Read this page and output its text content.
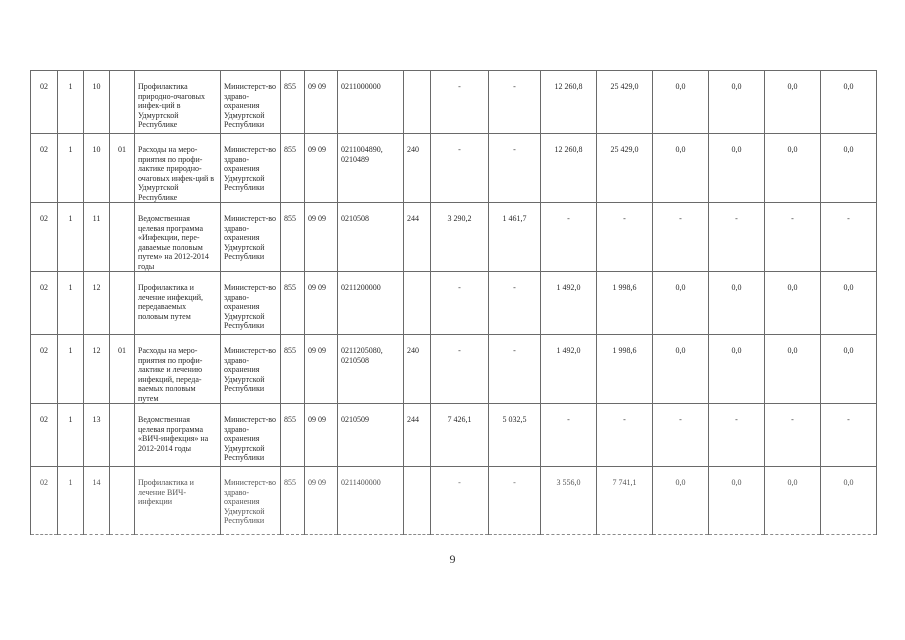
02	1	10		Профилактика природно-очаговых инфек-ций в Удмуртской Республике	Министерст-во здраво-охранения Удмуртской Республики	855	09 09	0211000000		-	-	12 260,8	25 429,0	0,0	0,0	0,0	0,0
02	1	10	01	Расходы на меро-приятия по профи-лактике природно-очаговых инфек-ций в Удмуртской Республике	Министерст-во здраво-охранения Удмуртской Республики	855	09 09	0211004890, 0210489	240	-	-	12 260,8	25 429,0	0,0	0,0	0,0	0,0
02	1	11		Ведомственная целевая программа «Инфекции, пере-даваемые половым путем» на 2012-2014 годы	Министерст-во здраво-охранения Удмуртской Республики	855	09 09	0210508	244	3 290,2	1 461,7	-	-	-	-	-	-
02	1	12		Профилактика и лечение инфекций, передаваемых половым путем	Министерст-во здраво-охранения Удмуртской Республики	855	09 09	0211200000		-	-	1 492,0	1 998,6	0,0	0,0	0,0	0,0
02	1	12	01	Расходы на меро-приятия по профи-лактике и лечению инфекций, переда-ваемых половым путем	Министерст-во здраво-охранения Удмуртской Республики	855	09 09	0211205080, 0210508	240	-	-	1 492,0	1 998,6	0,0	0,0	0,0	0,0
02	1	13		Ведомственная целевая программа «ВИЧ-инфекция» на 2012-2014 годы	Министерст-во здраво-охранения Удмуртской Республики	855	09 09	0210509	244	7 426,1	5 032,5	-	-	-	-	-	-
02	1	14		Профилактика и лечение ВИЧ-инфекции	Министерст-во здраво-охранения Удмуртской Республики	855	09 09	0211400000		-	-	3 556,0	7 741,1	0,0	0,0	0,0	0,0
9
